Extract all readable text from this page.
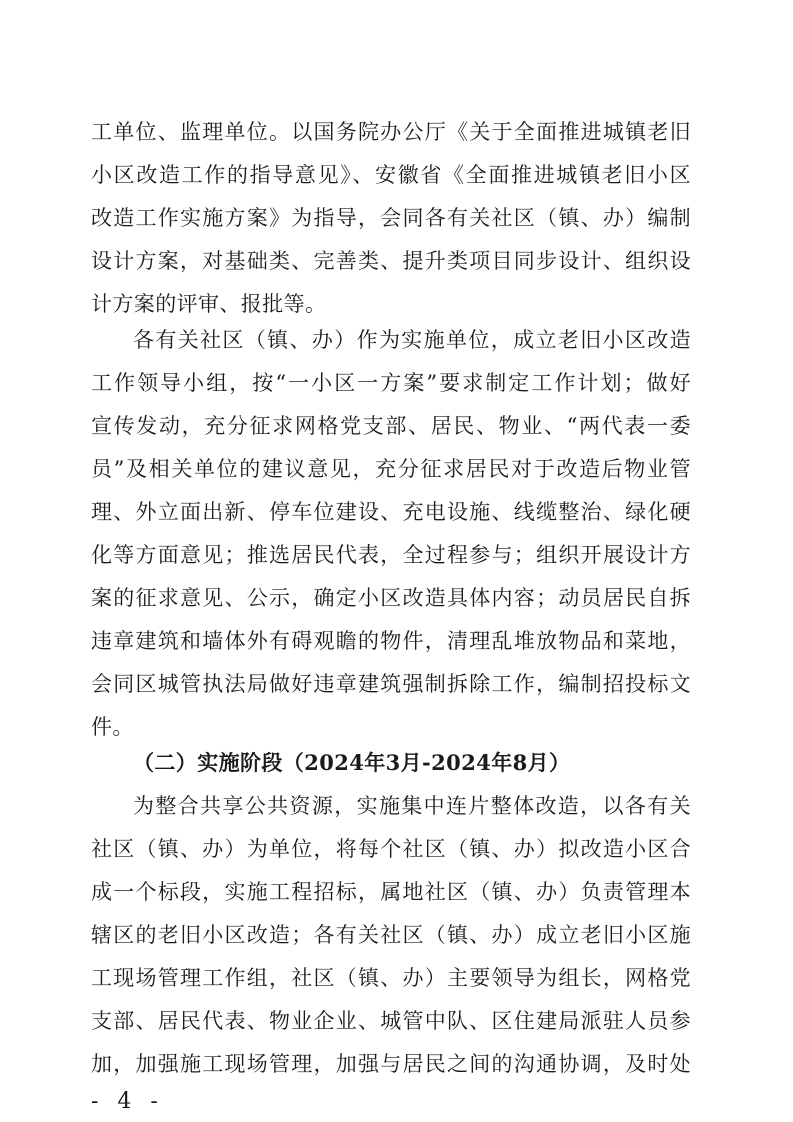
工单位、监理单位。以国务院办公厅《关于全面推进城镇老旧
小区改造工作的指导意见》、安徽省《全面推进城镇老旧小区
改造工作实施方案》为指导，会同各有关社区（镇、办）编制
设计方案，对基础类、完善类、提升类项目同步设计、组织设
计方案的评审、报批等。
各有关社区（镇、办）作为实施单位，成立老旧小区改造
工作领导小组，按“一小区一方案”要求制定工作计划；做好
宣传发动，充分征求网格党支部、居民、物业、“两代表一委
员”及相关单位的建议意见，充分征求居民对于改造后物业管
理、外立面出新、停车位建设、充电设施、线缆整治、绿化硬
化等方面意见；推选居民代表，全过程参与；组织开展设计方
案的征求意见、公示，确定小区改造具体内容；动员居民自拆
违章建筑和墙体外有碍观瞻的物件，清理乱堆放物品和菜地，
会同区城管执法局做好违章建筑强制拆除工作，编制招投标文
件。
（二）实施阶段（2024年3月-2024年8月）
为整合共享公共资源，实施集中连片整体改造，以各有关
社区（镇、办）为单位，将每个社区（镇、办）拟改造小区合
成一个标段，实施工程招标，属地社区（镇、办）负责管理本
辖区的老旧小区改造；各有关社区（镇、办）成立老旧小区施
工现场管理工作组，社区（镇、办）主要领导为组长，网格党
支部、居民代表、物业企业、城管中队、区住建局派驻人员参
加，加强施工现场管理，加强与居民之间的沟通协调，及时处
- 4 -
